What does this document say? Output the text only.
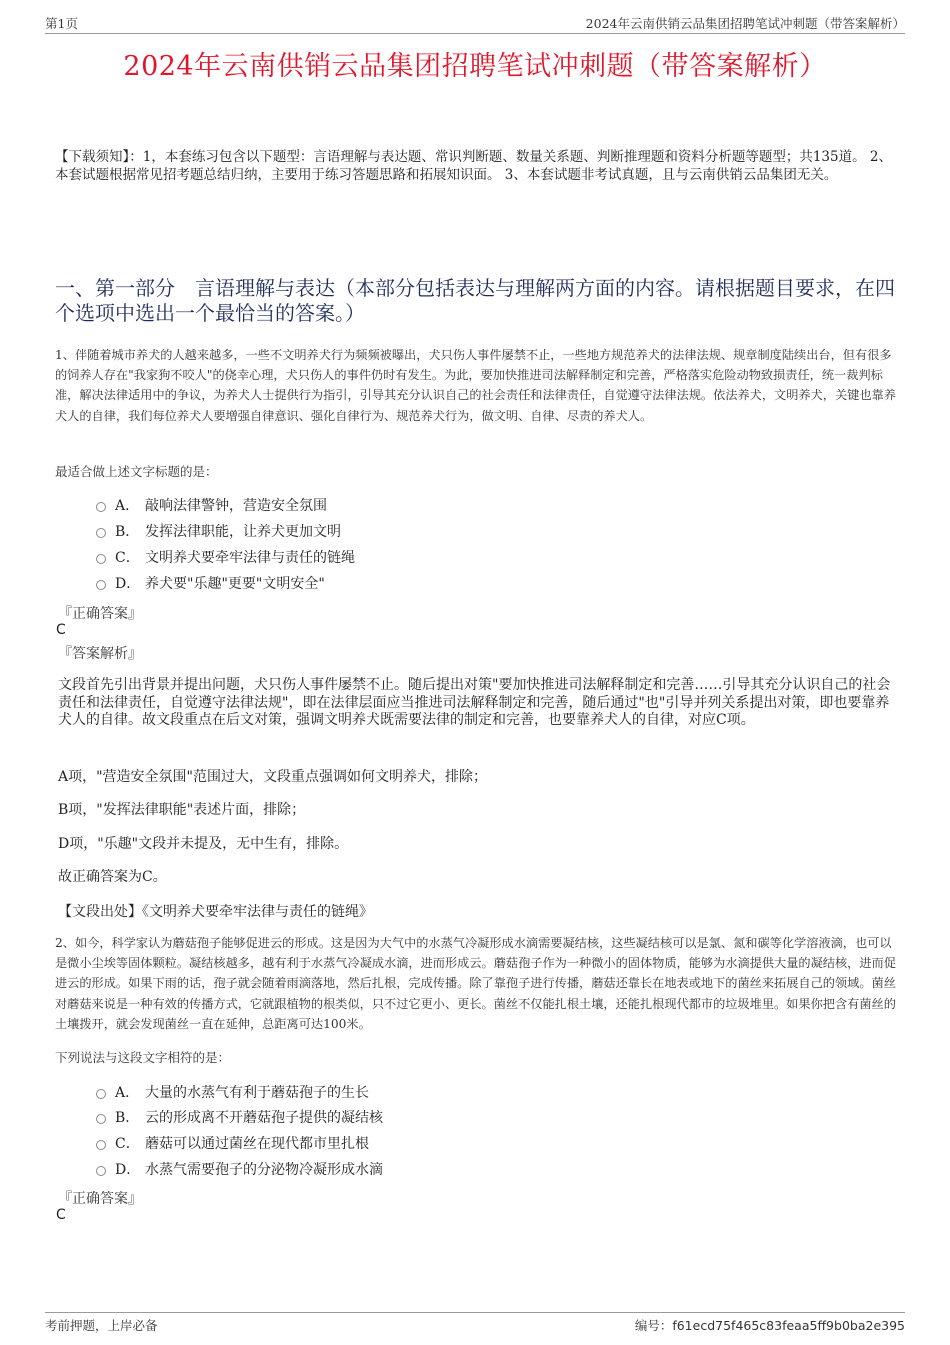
第1页	2024年云南供销云品集团招聘笔试冲刺题（带答案解析）
2024年云南供销云品集团招聘笔试冲刺题（带答案解析）
【下载须知】：1，本套练习包含以下题型：言语理解与表达题、常识判断题、数量关系题、判断推理题和资料分析题等题型；共135道。 2、本套试题根据常见招考题总结归纳，主要用于练习答题思路和拓展知识面。 3、本套试题非考试真题，且与云南供销云品集团无关。
一、第一部分　言语理解与表达（本部分包括表达与理解两方面的内容。请根据题目要求，在四个选项中选出一个最恰当的答案。）
1、伴随着城市养犬的人越来越多，一些不文明养犬行为频频被曝出，犬只伤人事件屡禁不止，一些地方规范养犬的法律法规、规章制度陆续出台，但有很多的饲养人存在"我家狗不咬人"的侥幸心理，犬只伤人的事件仍时有发生。为此，要加快推进司法解释制定和完善，严格落实危险动物致损责任，统一裁判标准，解决法律适用中的争议，为养犬人士提供行为指引，引导其充分认识自己的社会责任和法律责任，自觉遵守法律法规。依法养犬，文明养犬，关键也靠养犬人的自律，我们每位养犬人要增强自律意识、强化自律行为、规范养犬行为，做文明、自律、尽责的养犬人。
最适合做上述文字标题的是：
A． 敲响法律警钟，营造安全氛围
B． 发挥法律职能，让养犬更加文明
C． 文明养犬要牵牢法律与责任的链绳
D． 养犬要"乐趣"更要"文明安全"
『正确答案』
C
『答案解析』
文段首先引出背景并提出问题，犬只伤人事件屡禁不止。随后提出对策"要加快推进司法解释制定和完善……引导其充分认识自己的社会责任和法律责任，自觉遵守法律法规"，即在法律层面应当推进司法解释制定和完善，随后通过"也"引导并列关系提出对策，即也要靠养犬人的自律。故文段重点在后文对策，强调文明养犬既需要法律的制定和完善，也要靠养犬人的自律，对应C项。
A项，"营造安全氛围"范围过大，文段重点强调如何文明养犬，排除；
B项，"发挥法律职能"表述片面，排除；
D项，"乐趣"文段并未提及，无中生有，排除。
故正确答案为C。
【文段出处】《文明养犬要牵牢法律与责任的链绳》
2、如今，科学家认为蘑菇孢子能够促进云的形成。这是因为大气中的水蒸气冷凝形成水滴需要凝结核，这些凝结核可以是氯、氮和碳等化学溶液滴，也可以是微小尘埃等固体颗粒。凝结核越多，越有利于水蒸气冷凝成水滴，进而形成云。蘑菇孢子作为一种微小的固体物质，能够为水滴提供大量的凝结核，进而促进云的形成。如果下雨的话，孢子就会随着雨滴落地，然后扎根，完成传播。除了靠孢子进行传播，蘑菇还靠长在地表或地下的菌丝来拓展自己的领域。菌丝对蘑菇来说是一种有效的传播方式，它就跟植物的根类似，只不过它更小、更长。菌丝不仅能扎根土壤，还能扎根现代都市的垃圾堆里。如果你把含有菌丝的土壤拨开，就会发现菌丝一直在延伸，总距离可达100米。
下列说法与这段文字相符的是：
A． 大量的水蒸气有利于蘑菇孢子的生长
B． 云的形成离不开蘑菇孢子提供的凝结核
C． 蘑菇可以通过菌丝在现代都市里扎根
D． 水蒸气需要孢子的分泌物冷凝形成水滴
『正确答案』
C
考前押题，上岸必备	编号：f61ecd75f465c83feaa5ff9b0ba2e395
